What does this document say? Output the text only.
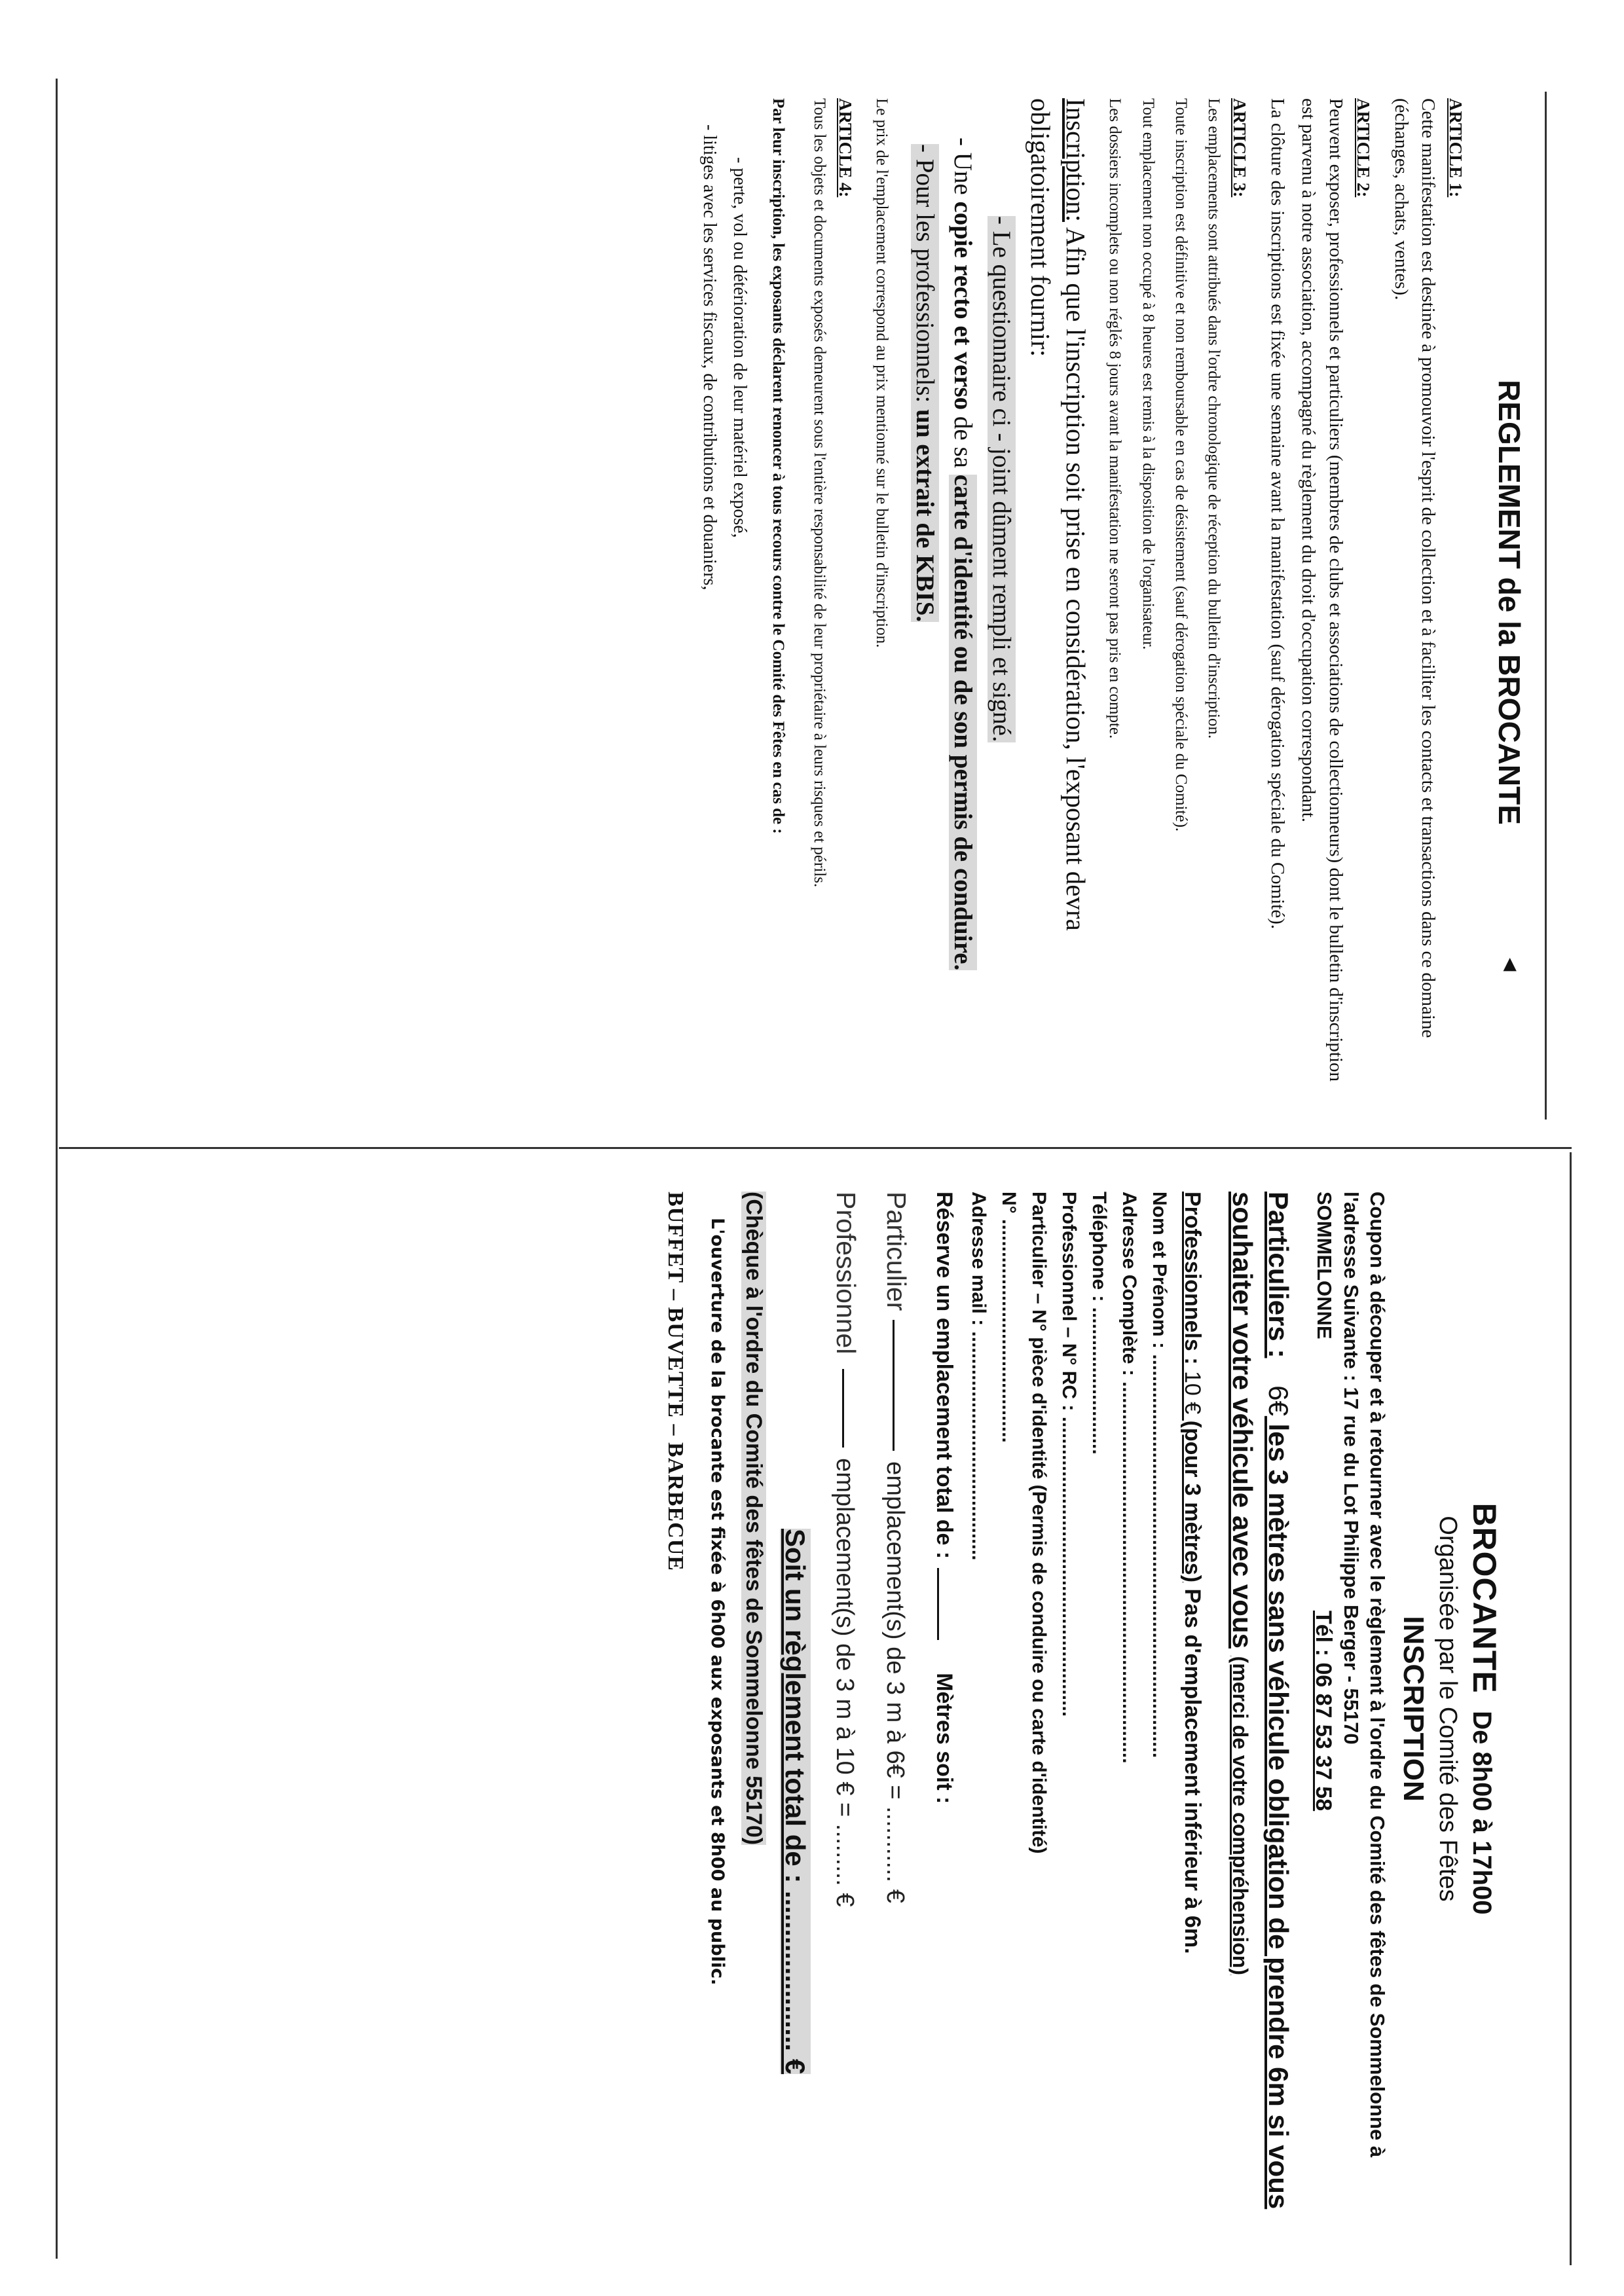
REGLEMENT de la BROCANTE
◄
ARTICLE 1:

Cette manifestation est destinée à promouvoir l'esprit de collection et à faciliter les contacts et transactions dans ce domaine (échanges, achats, ventes).

ARTICLE 2:

Peuvent exposer, professionnels et particuliers (membres de clubs et associations de collectionneurs) dont le bulletin d'inscription est parvenu à notre association, accompagné du règlement du droit d'occupation correspondant.

La clôture des inscriptions est fixée une semaine avant la manifestation (sauf dérogation spéciale du Comité).

ARTICLE 3:

Les emplacements sont attribués dans l'ordre chronologique de réception du bulletin d'inscription.

Toute inscription est définitive et non remboursable en cas de désistement (sauf dérogation spéciale du Comité).

Tout emplacement non occupé à 8 heures est remis à la disposition de l'organisateur.

Les dossiers incomplets ou non réglés 8 jours avant la manifestation ne seront pas pris en compte.

Inscription: Afin que l'inscription soit prise en considération, l'exposant devra obligatoirement fournir:

- Le questionnaire ci - joint dûment rempli et signé.
- Une copie recto et verso de sa carte d'identité ou de son permis de conduire.
- Pour les professionnels: un extrait de KBIS.

Le prix de l'emplacement correspond au prix mentionné sur le bulletin d'inscription.

ARTICLE 4:

Tous les objets et documents exposés demeurent sous l'entière responsabilité de leur propriétaire à leurs risques et périls.

Par leur inscription, les exposants déclarent renoncer à tous recours contre le Comité des Fêtes en cas de :

- perte, vol ou détérioration de leur matériel exposé,
- litiges avec les services fiscaux, de contributions et douaniers,
BROCANTE De 8h00 à 17h00
Organisée par le Comité des Fêtes
INSCRIPTION

Coupon à découper et à retourner avec le règlement à l'ordre du Comité des fêtes de Sommelonne à l'adresse Suivante : 17 rue du Lot Philippe Berger - 55170

SOMMELONNE
Tél : 06 87 53 37 58

Particuliers : 6€ les 3 mètres sans véhicule obligation de prendre 6m si vous souhaiter votre véhicule avec vous (merci de votre compréhension)

Professionnels : 10 € (pour 3 mètres) Pas d'emplacement inférieur à 6m.

Nom et Prénom : ..........................................................................
Adresse Complète : ......................................................................
Téléphone : ...........................
Professionnel – N° RC : .......................................................
Particulier – N° pièce d'identité (Permis de conduire ou carte d'identité)
N° .........................................
Adresse mail : ..........................................
Réserve un emplacement total de :Mètres soit :
Particulier  emplacement(s) de 3 m à 6€ = ........... €
Professionnel  emplacement(s) de 3 m à 10 € = ......... €
Soit un règlement total de : ..................... €
(Chèque à l'ordre du Comité des fêtes de Sommelonne 55170)
L'ouverture de la brocante est fixée à 6h00 aux exposants et 8h00 au public.
BUFFET – BUVETTE – BARBECUE
